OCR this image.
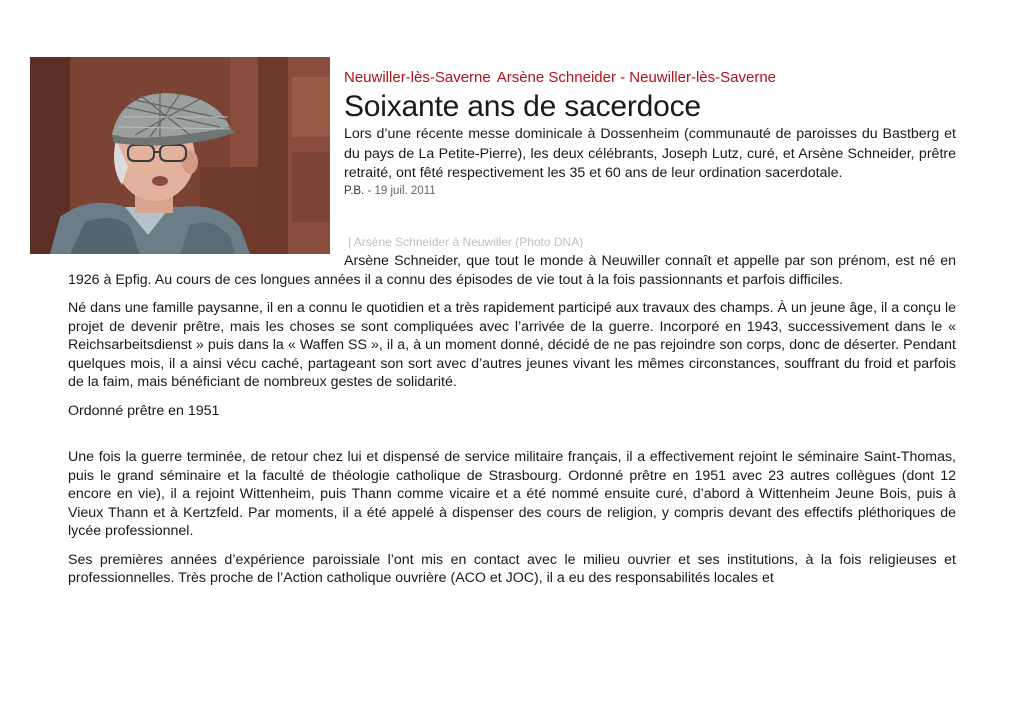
Neuwiller-lès-Saverne Arsène Schneider - Neuwiller-lès-Saverne

Soixante ans de sacerdoce

Lors d’une récente messe dominicale à Dossenheim (communauté de paroisses du Bastberg et du pays de La Petite-Pierre), les deux célébrants, Joseph Lutz, curé, et Arsène Schneider, prêtre retraité, ont fêté respectivement les 35 et 60 ans de leur ordination sacerdotale.

P.B. - 19 juil. 2011

| Arsène Schneider à Neuwiller (Photo DNA)

Arsène Schneider, que tout le monde à Neuwiller connaît et appelle par son prénom, est né en 1926 à Epfig. Au cours de ces longues années il a connu des épisodes de vie tout à la fois passionnants et parfois difficiles.

Né dans une famille paysanne, il en a connu le quotidien et a très rapidement participé aux travaux des champs. À un jeune âge, il a conçu le projet de devenir prêtre, mais les choses se sont compliquées avec l’arrivée de la guerre. Incorporé en 1943, successivement dans le « Reichsarbeitsdienst » puis dans la « Waffen SS », il a, à un moment donné, décidé de ne pas rejoindre son corps, donc de déserter. Pendant quelques mois, il a ainsi vécu caché, partageant son sort avec d’autres jeunes vivant les mêmes circonstances, souffrant du froid et parfois de la faim, mais bénéficiant de nombreux gestes de solidarité.

Ordonné prêtre en 1951

Une fois la guerre terminée, de retour chez lui et dispensé de service militaire français, il a effectivement rejoint le séminaire Saint-Thomas, puis le grand séminaire et la faculté de théologie catholique de Strasbourg. Ordonné prêtre en 1951 avec 23 autres collègues (dont 12 encore en vie), il a rejoint Wittenheim, puis Thann comme vicaire et a été nommé ensuite curé, d’abord à Wittenheim Jeune Bois, puis à Vieux Thann et à Kertzfeld. Par moments, il a été appelé à dispenser des cours de religion, y compris devant des effectifs pléthoriques de lycée professionnel.

Ses premières années d’expérience paroissiale l’ont mis en contact avec le milieu ouvrier et ses institutions, à la fois religieuses et professionnelles. Très proche de l’Action catholique ouvrière (ACO et JOC), il a eu des responsabilités locales et
